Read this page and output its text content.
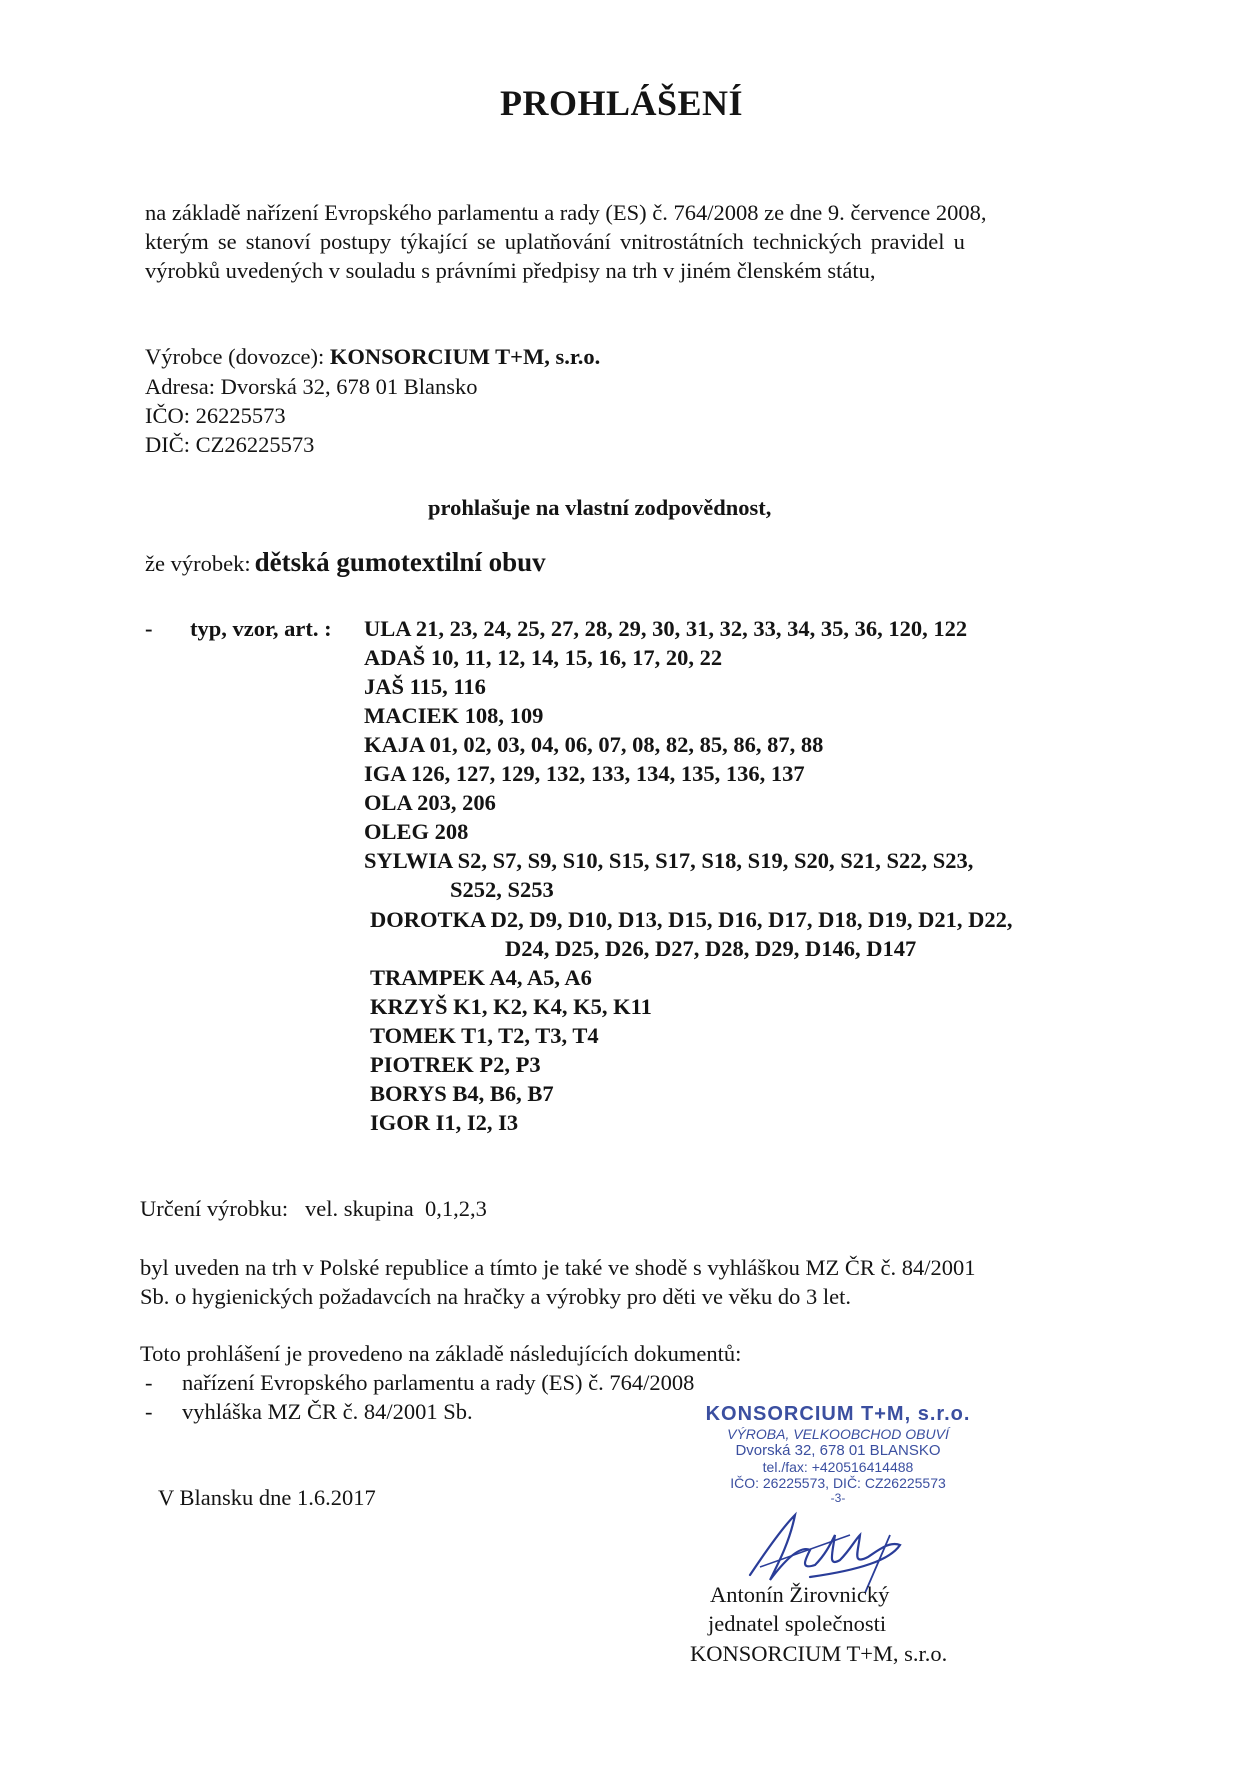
PROHLÁŠENÍ
na základě nařízení Evropského parlamentu a rady (ES) č. 764/2008 ze dne 9. července 2008,
kterým se stanoví postupy týkající se uplatňování vnitrostátních technických pravidel u
výrobků uvedených v souladu s právními předpisy na trh v jiném členském státu,
Výrobce (dovozce): KONSORCIUM T+M, s.r.o.
Adresa: Dvorská 32, 678 01 Blansko
IČO: 26225573
DIČ: CZ26225573
prohlašuje na vlastní zodpovědnost,
že výrobek: dětská gumotextilní obuv
- typ, vzor, art. : ULA 21, 23, 24, 25, 27, 28, 29, 30, 31, 32, 33, 34, 35, 36, 120, 122
ADAŠ 10, 11, 12, 14, 15, 16, 17, 20, 22
JAŠ 115, 116
MACIEK 108, 109
KAJA 01, 02, 03, 04, 06, 07, 08, 82, 85, 86, 87, 88
IGA 126, 127, 129, 132, 133, 134, 135, 136, 137
OLA 203, 206
OLEG 208
SYLWIA S2, S7, S9, S10, S15, S17, S18, S19, S20, S21, S22, S23,
S252, S253
DOROTKA D2, D9, D10, D13, D15, D16, D17, D18, D19, D21, D22,
D24, D25, D26, D27, D28, D29, D146, D147
TRAMPEK A4, A5, A6
KRZYŠ K1, K2, K4, K5, K11
TOMEK T1, T2, T3, T4
PIOTREK P2, P3
BORYS B4, B6, B7
IGOR I1, I2, I3
Určení výrobku:   vel. skupina  0,1,2,3
byl uveden na trh v Polské republice a tímto je také ve shodě s vyhláškou MZ ČR č. 84/2001
Sb. o hygienických požadavcích na hračky a výrobky pro děti ve věku do 3 let.
Toto prohlášení je provedeno na základě následujících dokumentů:
- nařízení Evropského parlamentu a rady (ES) č. 764/2008
- vyhláška MZ ČR č. 84/2001 Sb.
V Blansku dne 1.6.2017
KONSORCIUM T+M, s.r.o.
VÝROBA, VELKOOBCHOD OBUVÍ
Dvorská 32, 678 01 BLANSKO
tel./fax: +420516414488
IČO: 26225573, DIČ: CZ26225573
-3-
Antonín Žirovnický
jednatel společnosti
KONSORCIUM T+M, s.r.o.
